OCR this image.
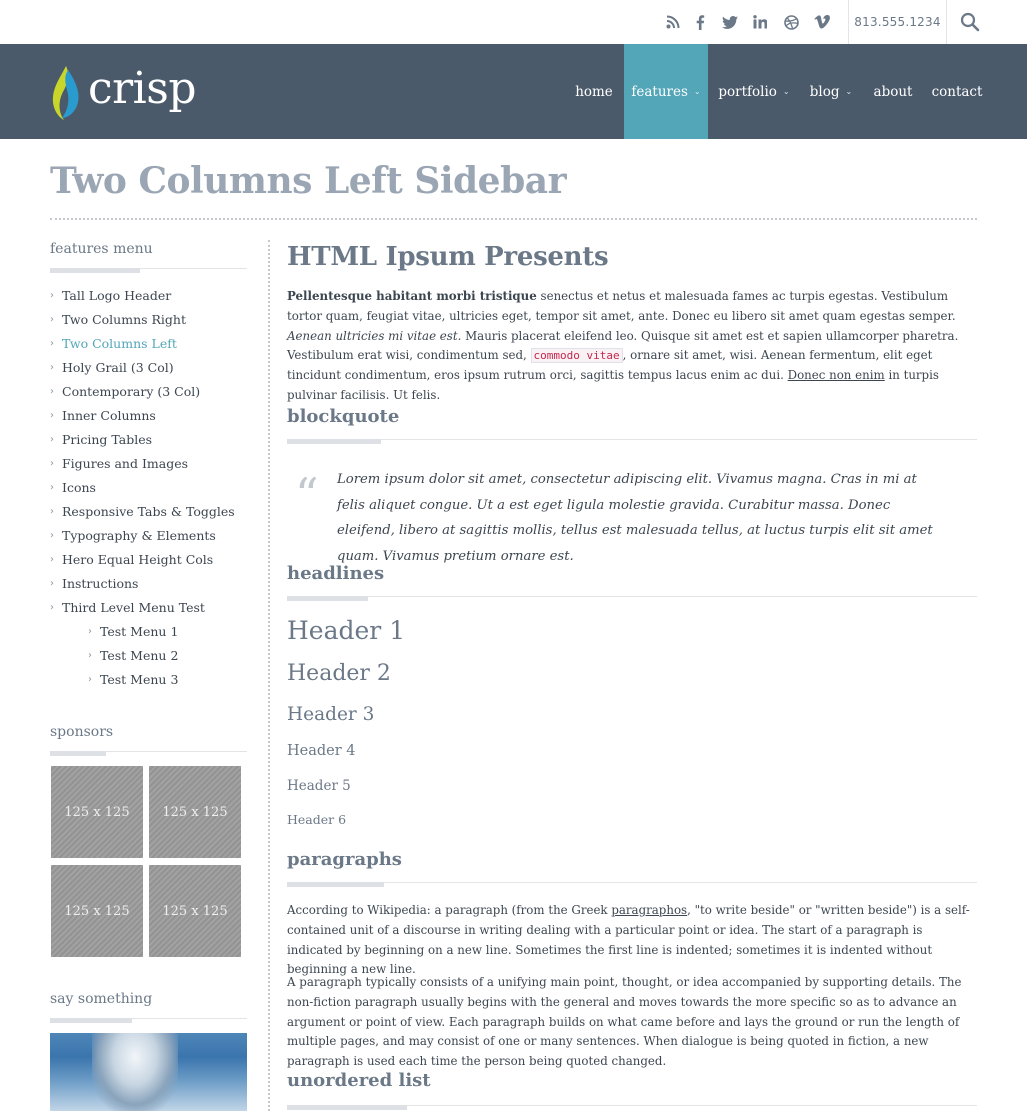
813.555.1234
crisp	home features ⌄ portfolio ⌄ blog ⌄ about contact
Two Columns Left Sidebar
features menu
› Tall Logo Header
› Two Columns Right
› Two Columns Left
› Holy Grail (3 Col)
› Contemporary (3 Col)
› Inner Columns
› Pricing Tables
› Figures and Images
› Icons
› Responsive Tabs & Toggles
› Typography & Elements
› Hero Equal Height Cols
› Instructions
› Third Level Menu Test
› Test Menu 1
› Test Menu 2
› Test Menu 3
sponsors
125 x 125	125 x 125
125 x 125	125 x 125
say something
HTML Ipsum Presents

Pellentesque habitant morbi tristique senectus et netus et malesuada fames ac turpis egestas. Vestibulum tortor quam, feugiat vitae, ultricies eget, tempor sit amet, ante. Donec eu libero sit amet quam egestas semper. Aenean ultricies mi vitae est. Mauris placerat eleifend leo. Quisque sit amet est et sapien ullamcorper pharetra. Vestibulum erat wisi, condimentum sed, commodo vitae , ornare sit amet, wisi. Aenean fermentum, elit eget tincidunt condimentum, eros ipsum rutrum orci, sagittis tempus lacus enim ac dui. Donec non enim in turpis pulvinar facilisis. Ut felis.

blockquote
“ Lorem ipsum dolor sit amet, consectetur adipiscing elit. Vivamus magna. Cras in mi at felis aliquet congue. Ut a est eget ligula molestie gravida. Curabitur massa. Donec eleifend, libero at sagittis mollis, tellus est malesuada tellus, at luctus turpis elit sit amet quam. Vivamus pretium ornare est.
headlines
Header 1
Header 2
Header 3
Header 4
Header 5
Header 6
paragraphs

According to Wikipedia: a paragraph (from the Greek paragraphos, "to write beside" or "written beside") is a self-contained unit of a discourse in writing dealing with a particular point or idea. The start of a paragraph is indicated by beginning on a new line. Sometimes the first line is indented; sometimes it is indented without beginning a new line.

A paragraph typically consists of a unifying main point, thought, or idea accompanied by supporting details. The non-fiction paragraph usually begins with the general and moves towards the more specific so as to advance an argument or point of view. Each paragraph builds on what came before and lays the ground or run the length of multiple pages, and may consist of one or many sentences. When dialogue is being quoted in fiction, a new paragraph is used each time the person being quoted changed.

unordered list
